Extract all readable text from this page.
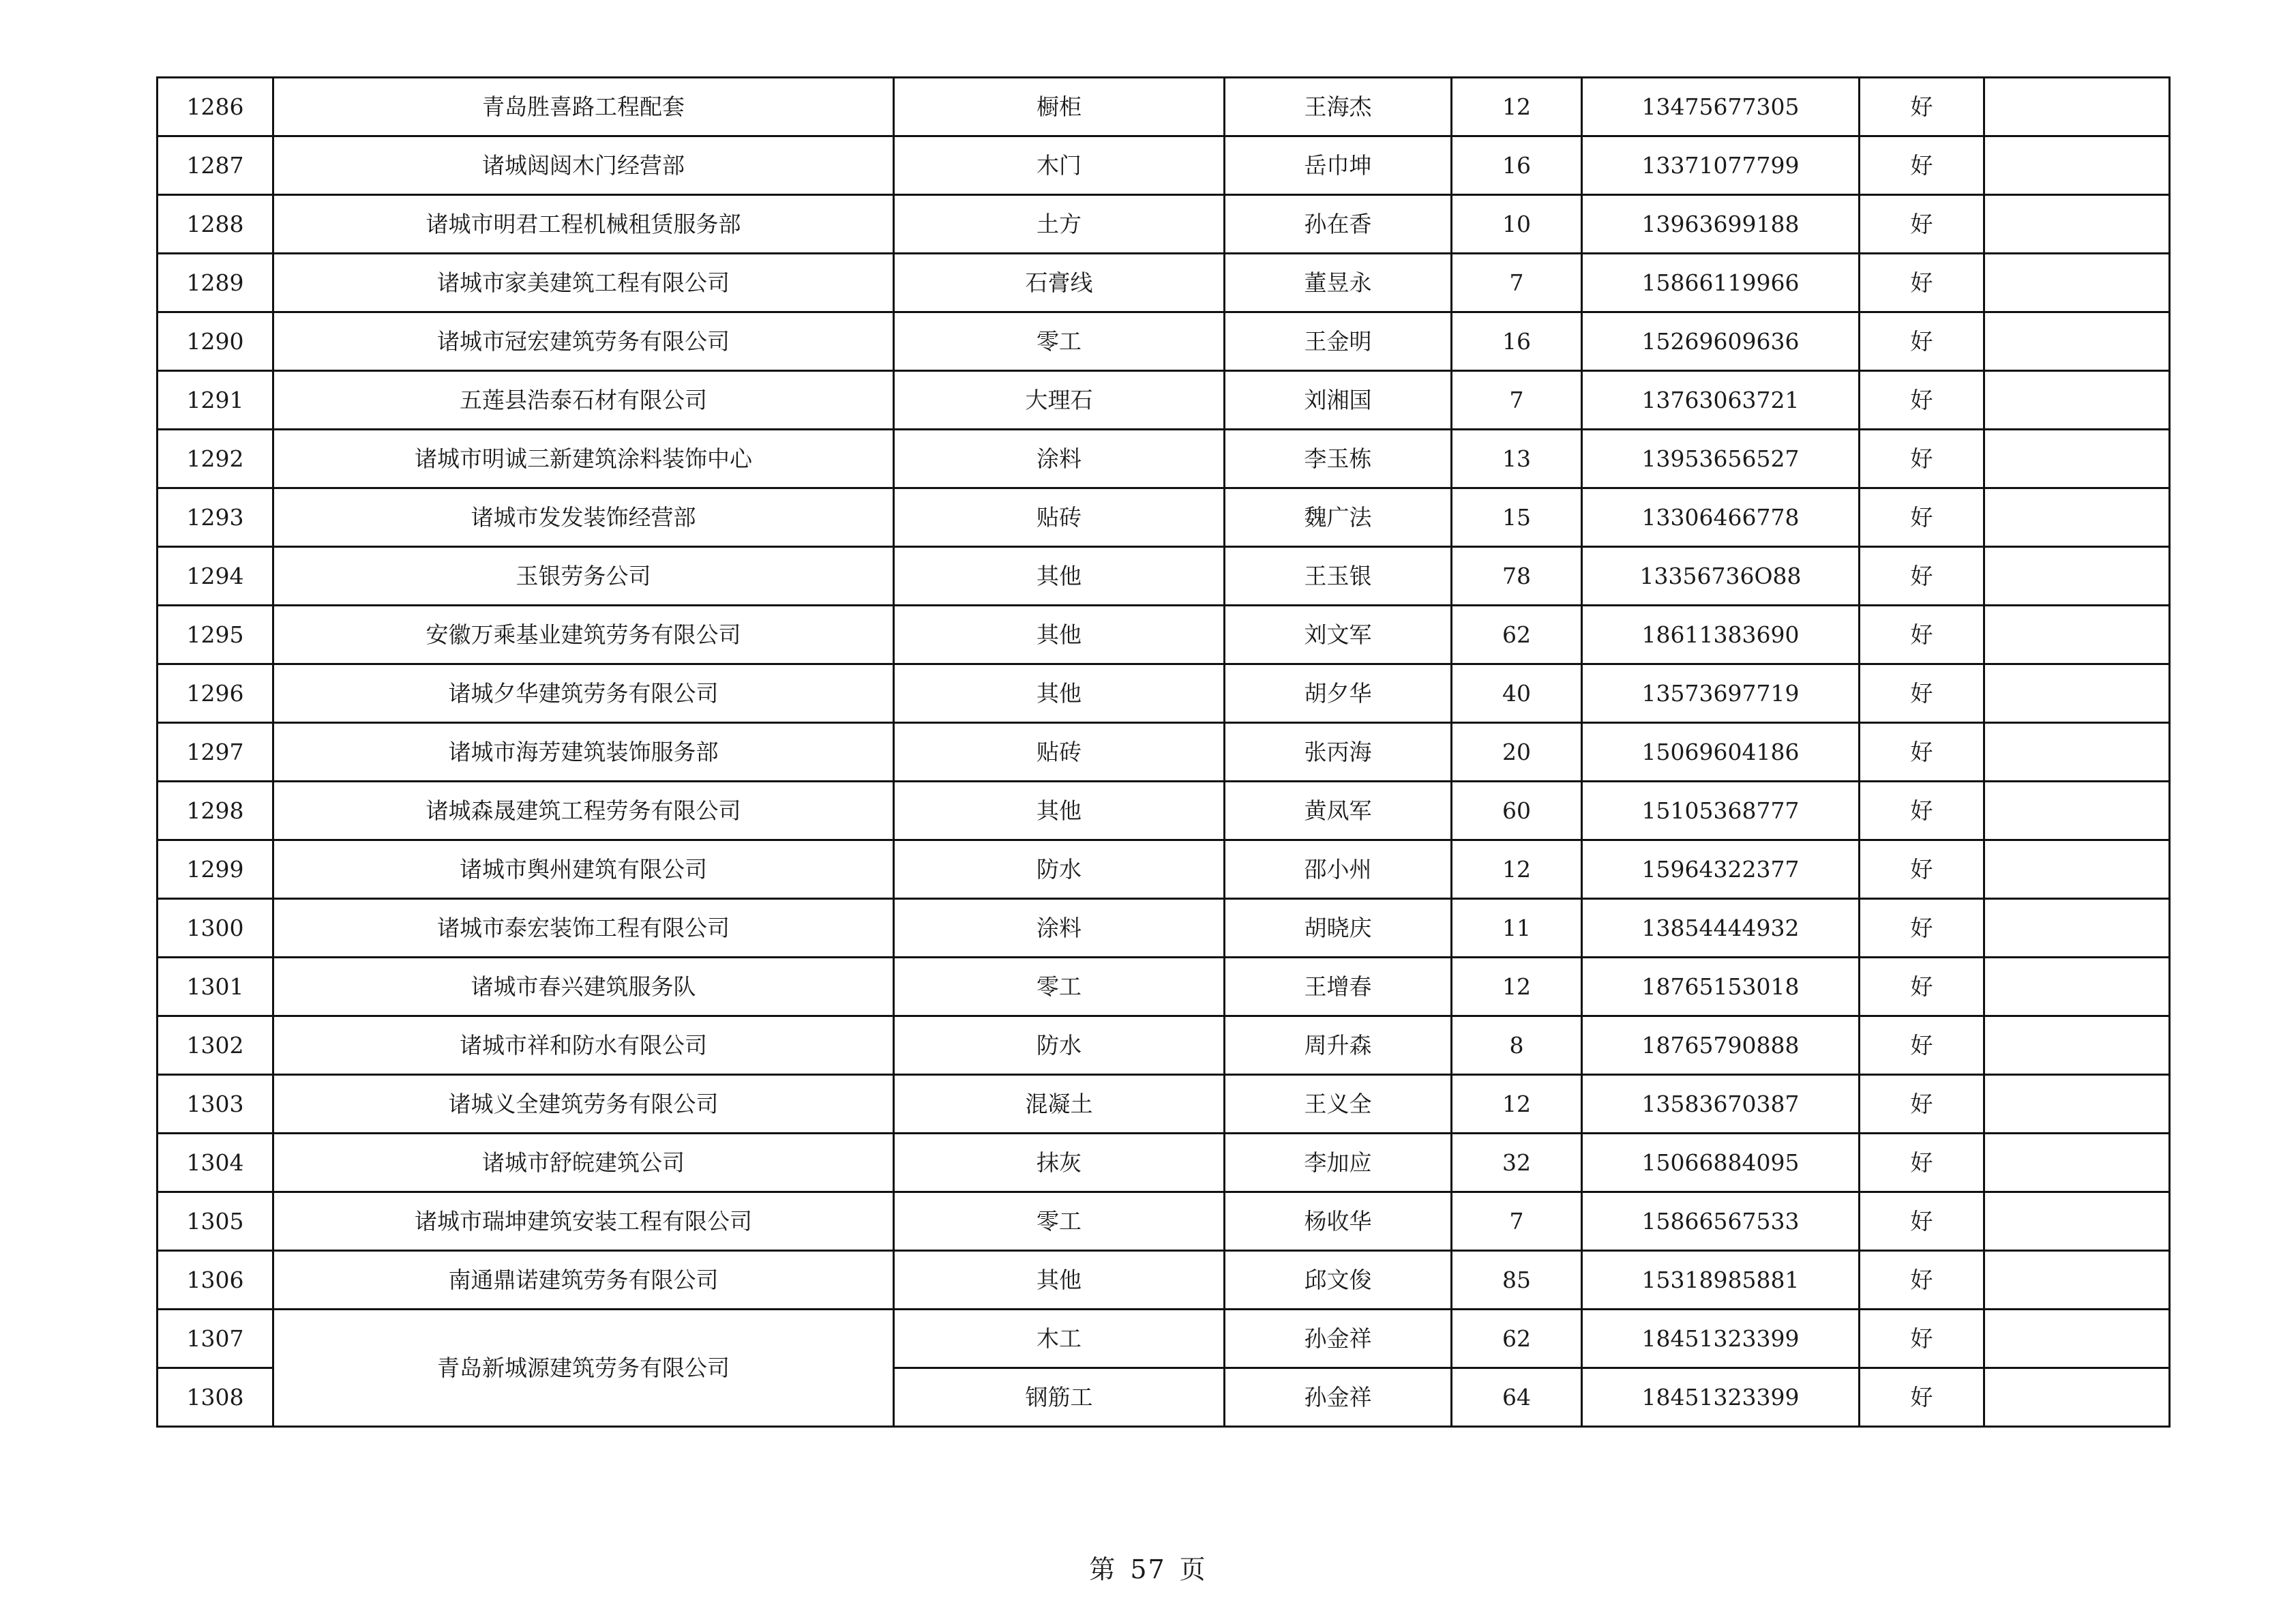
1286	青岛胜喜路工程配套	橱柜	王海杰	12	13475677305	好	
1287	诸城闼闼木门经营部	木门	岳巾坤	16	13371077799	好	
1288	诸城市明君工程机械租赁服务部	土方	孙在香	10	13963699188	好	
1289	诸城市家美建筑工程有限公司	石膏线	董昱永	7	15866119966	好	
1290	诸城市冠宏建筑劳务有限公司	零工	王金明	16	15269609636	好	
1291	五莲县浩泰石材有限公司	大理石	刘湘国	7	13763063721	好	
1292	诸城市明诚三新建筑涂料装饰中心	涂料	李玉栋	13	13953656527	好	
1293	诸城市发发装饰经营部	贴砖	魏广法	15	13306466778	好	
1294	玉银劳务公司	其他	王玉银	78	13356736O88	好	
1295	安徽万乘基业建筑劳务有限公司	其他	刘文军	62	18611383690	好	
1296	诸城夕华建筑劳务有限公司	其他	胡夕华	40	13573697719	好	
1297	诸城市海芳建筑装饰服务部	贴砖	张丙海	20	15069604186	好	
1298	诸城森晟建筑工程劳务有限公司	其他	黄凤军	60	15105368777	好	
1299	诸城市舆州建筑有限公司	防水	邵小州	12	15964322377	好	
1300	诸城市泰宏装饰工程有限公司	涂料	胡晓庆	11	13854444932	好	
1301	诸城市春兴建筑服务队	零工	王增春	12	18765153018	好	
1302	诸城市祥和防水有限公司	防水	周升森	8	18765790888	好	
1303	诸城义全建筑劳务有限公司	混凝土	王义全	12	13583670387	好	
1304	诸城市舒皖建筑公司	抹灰	李加应	32	15066884095	好	
1305	诸城市瑞坤建筑安装工程有限公司	零工	杨收华	7	15866567533	好	
1306	南通鼎诺建筑劳务有限公司	其他	邱文俊	85	15318985881	好	
1307	青岛新城源建筑劳务有限公司	木工	孙金祥	62	18451323399	好	
1308		钢筋工	孙金祥	64	18451323399	好	
第 57 页
